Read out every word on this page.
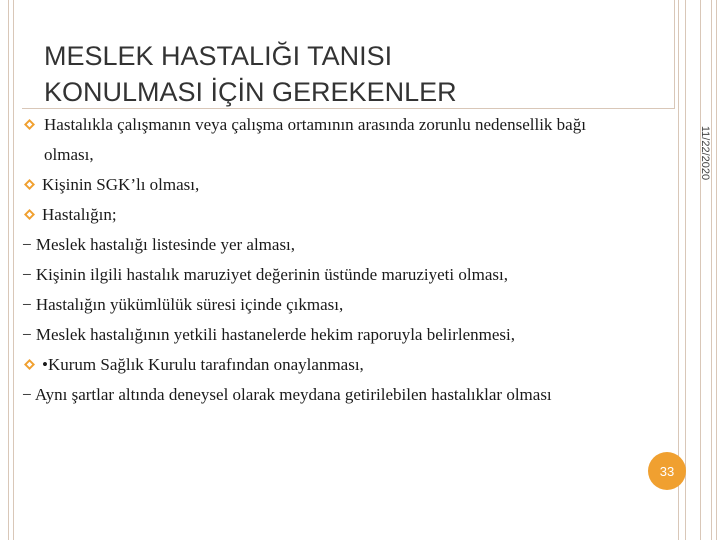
MESLEK HASTALIĞI TANISI
KONULMASI İÇİN GEREKENLER
11/22/2020

Hastalıkla çalışmanın veya çalışma ortamının arasında zorunlu nedensellik bağı olması,

Kişinin SGK’lı olması,

Hastalığın;

− Meslek hastalığı listesinde yer alması,

− Kişinin ilgili hastalık maruziyet değerinin üstünde maruziyeti olması,

− Hastalığın yükümlülük süresi içinde çıkması,

− Meslek hastalığının yetkili hastanelerde hekim raporuyla belirlenmesi,

•Kurum Sağlık Kurulu tarafından onaylanması,

− Aynı şartlar altında deneysel olarak meydana getirilebilen hastalıklar olması

33
